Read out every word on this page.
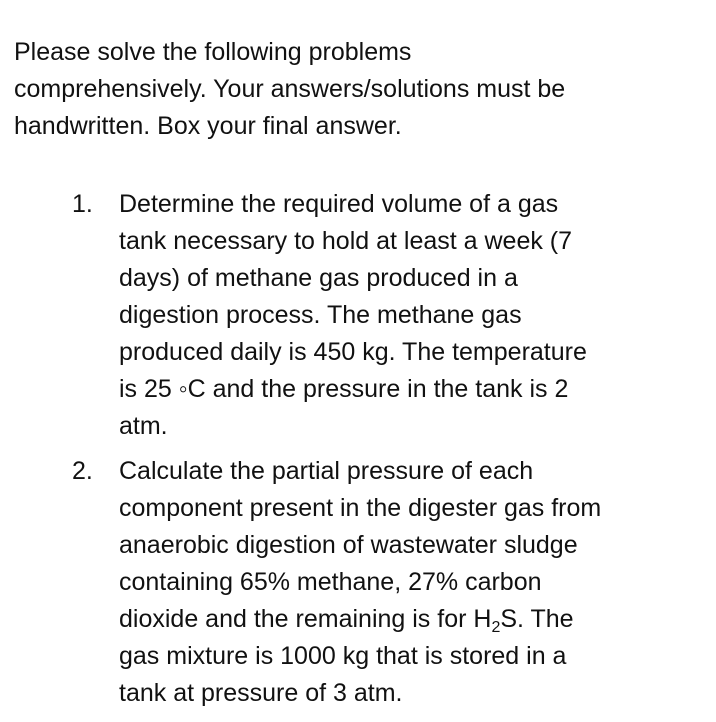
Please solve the following problems
comprehensively. Your answers/solutions must be
handwritten. Box your final answer.
1. Determine the required volume of a gas
tank necessary to hold at least a week (7
days) of methane gas produced in a
digestion process. The methane gas
produced daily is 450 kg. The temperature
is 25 ◦C and the pressure in the tank is 2
atm.
2. Calculate the partial pressure of each
component present in the digester gas from
anaerobic digestion of wastewater sludge
containing 65% methane, 27% carbon
dioxide and the remaining is for $H_2S$. The
gas mixture is 1000 kg that is stored in a
tank at pressure of 3 atm.
